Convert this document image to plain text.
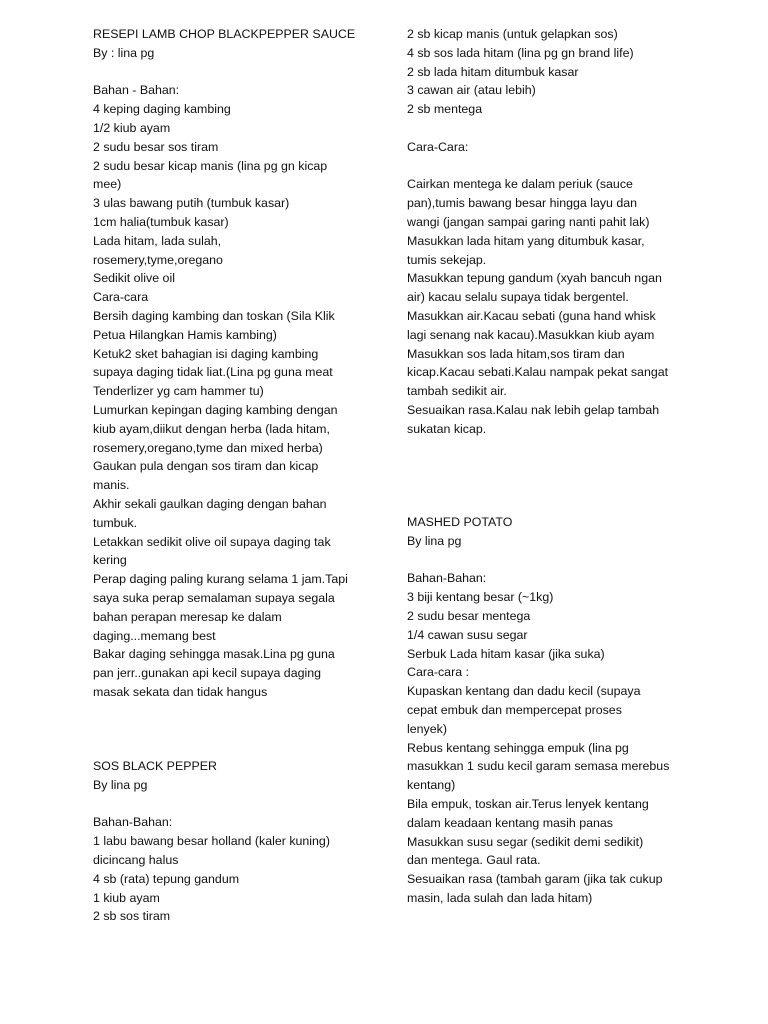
RESEPI LAMB CHOP BLACKPEPPER SAUCE
By : lina pg
Bahan - Bahan:
4 keping daging kambing
1/2 kiub ayam
2 sudu besar sos tiram
2 sudu besar kicap manis (lina pg gn kicap
mee)
3 ulas bawang putih (tumbuk kasar)
1cm halia(tumbuk kasar)
Lada hitam, lada sulah,
rosemery,tyme,oregano
Sedikit olive oil
Cara-cara
Bersih daging kambing dan toskan (Sila Klik
Petua Hilangkan Hamis kambing)
Ketuk2 sket bahagian isi daging kambing
supaya daging tidak liat.(Lina pg guna meat
Tenderlizer yg cam hammer tu)
Lumurkan kepingan daging kambing dengan
kiub ayam,diikut dengan herba (lada hitam,
rosemery,oregano,tyme dan mixed herba)
Gaukan pula dengan sos tiram dan kicap
manis.
Akhir sekali gaulkan daging dengan bahan
tumbuk.
Letakkan sedikit olive oil supaya daging tak
kering
Perap daging paling kurang selama 1 jam.Tapi
saya suka perap semalaman supaya segala
bahan perapan meresap ke dalam
daging...memang best
Bakar daging sehingga masak.Lina pg guna
pan jerr..gunakan api kecil supaya daging
masak sekata dan tidak hangus
SOS BLACK PEPPER
By lina pg
Bahan-Bahan:
1 labu bawang besar holland (kaler kuning)
dicincang halus
4 sb (rata) tepung gandum
1 kiub ayam
2 sb sos tiram
2 sb kicap manis (untuk gelapkan sos)
4 sb sos lada hitam (lina pg gn brand life)
2 sb lada hitam ditumbuk kasar
3 cawan air (atau lebih)
2 sb mentega
Cara-Cara:
Cairkan mentega ke dalam periuk (sauce
pan),tumis bawang besar hingga layu dan
wangi (jangan sampai garing nanti pahit lak)
Masukkan lada hitam yang ditumbuk kasar,
tumis sekejap.
Masukkan tepung gandum (xyah bancuh ngan
air) kacau selalu supaya tidak bergentel.
Masukkan air.Kacau sebati (guna hand whisk
lagi senang nak kacau).Masukkan kiub ayam
Masukkan sos lada hitam,sos tiram dan
kicap.Kacau sebati.Kalau nampak pekat sangat
tambah sedikit air.
Sesuaikan rasa.Kalau nak lebih gelap tambah
sukatan kicap.
MASHED POTATO
By lina pg
Bahan-Bahan:
3 biji kentang besar (~1kg)
2 sudu besar mentega
1/4 cawan susu segar
Serbuk Lada hitam kasar (jika suka)
Cara-cara :
Kupaskan kentang dan dadu kecil (supaya
cepat embuk dan mempercepat proses
lenyek)
Rebus kentang sehingga empuk (lina pg
masukkan 1 sudu kecil garam semasa merebus
kentang)
Bila empuk, toskan air.Terus lenyek kentang
dalam keadaan kentang masih panas
Masukkan susu segar (sedikit demi sedikit)
dan mentega. Gaul rata.
Sesuaikan rasa (tambah garam (jika tak cukup
masin, lada sulah dan lada hitam)
